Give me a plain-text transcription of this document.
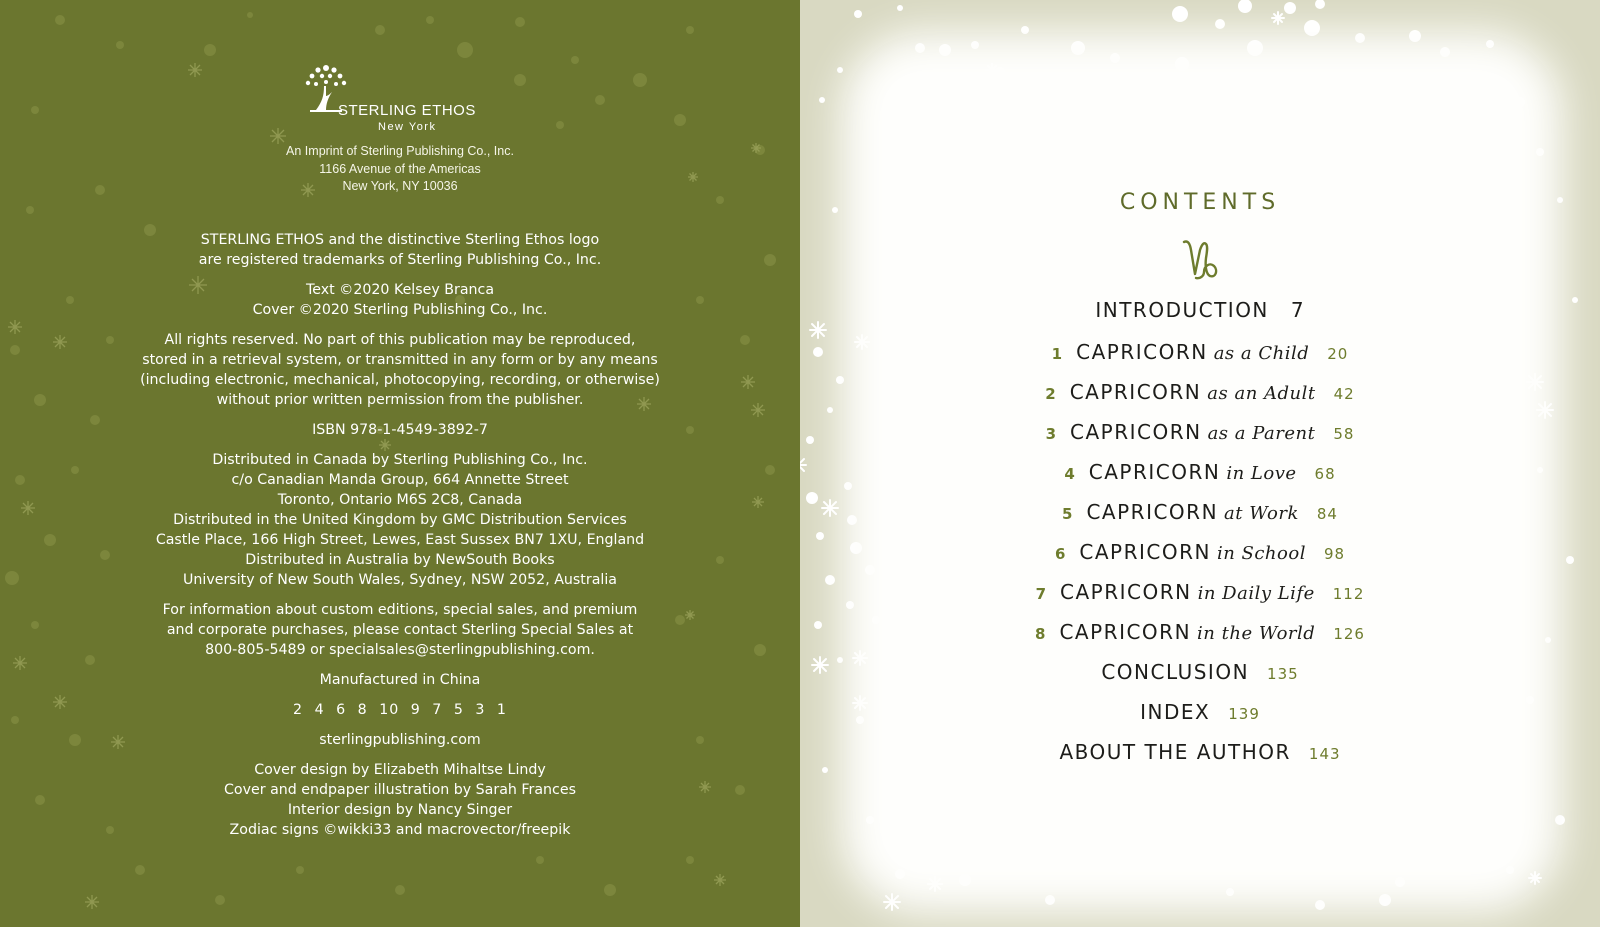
STERLING ETHOS
New York
An Imprint of Sterling Publishing Co., Inc.
1166 Avenue of the Americas
New York, NY 10036

STERLING ETHOS and the distinctive Sterling Ethos logo
are registered trademarks of Sterling Publishing Co., Inc.

Text ©2020 Kelsey Branca
Cover ©2020 Sterling Publishing Co., Inc.

All rights reserved. No part of this publication may be reproduced,
stored in a retrieval system, or transmitted in any form or by any means
(including electronic, mechanical, photocopying, recording, or otherwise)
without prior written permission from the publisher.

ISBN 978-1-4549-3892-7

Distributed in Canada by Sterling Publishing Co., Inc.
c/o Canadian Manda Group, 664 Annette Street
Toronto, Ontario M6S 2C8, Canada
Distributed in the United Kingdom by GMC Distribution Services
Castle Place, 166 High Street, Lewes, East Sussex BN7 1XU, England
Distributed in Australia by NewSouth Books
University of New South Wales, Sydney, NSW 2052, Australia

For information about custom editions, special sales, and premium
and corporate purchases, please contact Sterling Special Sales at
800-805-5489 or specialsales@sterlingpublishing.com.

Manufactured in China

2 4 6 8 10 9 7 5 3 1

sterlingpublishing.com

Cover design by Elizabeth Mihaltse Lindy
Cover and endpaper illustration by Sarah Frances
Interior design by Nancy Singer
Zodiac signs ©wikki33 and macrovector/freepik

CONTENTS
INTRODUCTION 7
1 CAPRICORN as a Child 20
2 CAPRICORN as an Adult 42
3 CAPRICORN as a Parent 58
4 CAPRICORN in Love 68
5 CAPRICORN at Work 84
6 CAPRICORN in School 98
7 CAPRICORN in Daily Life 112
8 CAPRICORN in the World 126
CONCLUSION 135
INDEX 139
ABOUT THE AUTHOR 143
